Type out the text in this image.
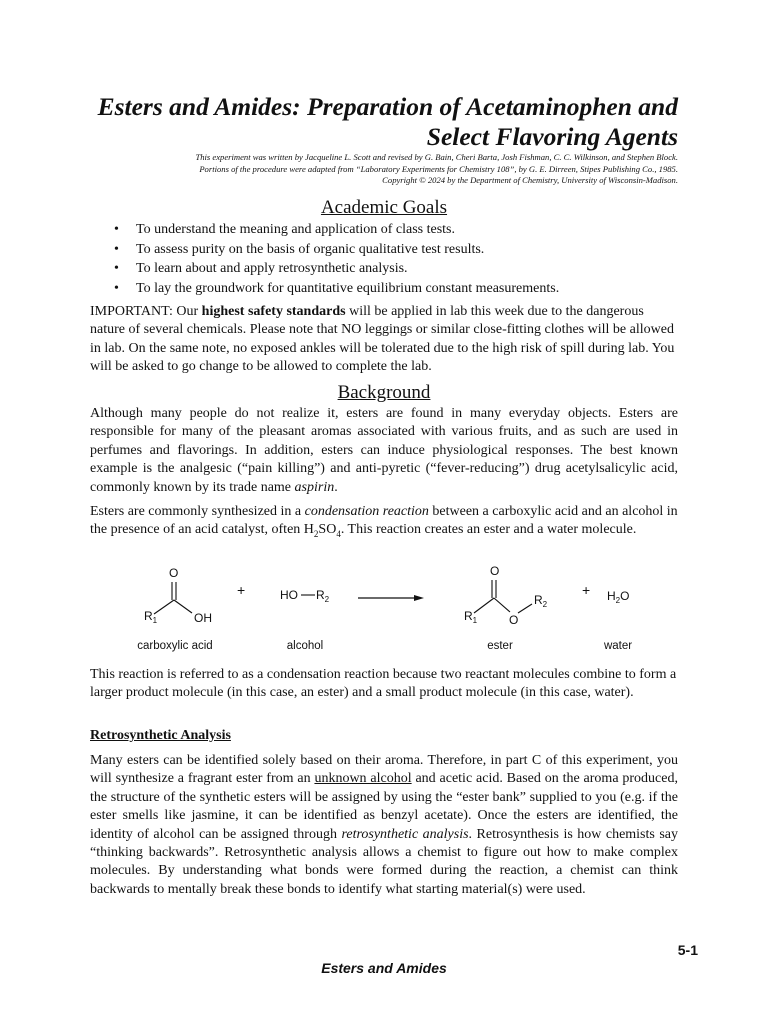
Esters and Amides: Preparation of Acetaminophen and Select Flavoring Agents
This experiment was written by Jacqueline L. Scott and revised by G. Bain, Cheri Barta, Josh Fishman, C. C. Wilkinson, and Stephen Block.
Portions of the procedure were adapted from “Laboratory Experiments for Chemistry 108”, by G. E. Dirreen, Stipes Publishing Co., 1985.
Copyright © 2024 by the Department of Chemistry, University of Wisconsin-Madison.
Academic Goals
• To understand the meaning and application of class tests.
• To assess purity on the basis of organic qualitative test results.
• To learn about and apply retrosynthetic analysis.
• To lay the groundwork for quantitative equilibrium constant measurements.

IMPORTANT: Our highest safety standards will be applied in lab this week due to the dangerous nature of several chemicals. Please note that NO leggings or similar close-fitting clothes will be allowed in lab. On the same note, no exposed ankles will be tolerated due to the high risk of spill during lab. You will be asked to go change to be allowed to complete the lab.

Background

Although many people do not realize it, esters are found in many everyday objects. Esters are responsible for many of the pleasant aromas associated with various fruits, and as such are used in perfumes and flavorings. In addition, esters can induce physiological responses. The best known example is the analgesic (“pain killing”) and anti-pyretic (“fever-reducing”) drug acetylsalicylic acid, commonly known by its trade name aspirin.

Esters are commonly synthesized in a condensation reaction between a carboxylic acid and an alcohol in the presence of an acid catalyst, often $H_2SO_4$. This reaction creates an ester and a water molecule.

O
$R_1$	OH
+	HO $R_2$
O
$R_1$	O
$R_2$
+ $H_2O$
carboxylic acid	alcohol	ester	water

This reaction is referred to as a condensation reaction because two reactant molecules combine to form a larger product molecule (in this case, an ester) and a small product molecule (in this case, water).

Retrosynthetic Analysis

Many esters can be identified solely based on their aroma. Therefore, in part C of this experiment, you will synthesize a fragrant ester from an unknown alcohol and acetic acid. Based on the aroma produced, the structure of the synthetic esters will be assigned by using the “ester bank” supplied to you (e.g. if the ester smells like jasmine, it can be identified as benzyl acetate). Once the esters are identified, the identity of alcohol can be assigned through retrosynthetic analysis. Retrosynthesis is how chemists say “thinking backwards”. Retrosynthetic analysis allows a chemist to figure out how to make complex molecules. By understanding what bonds were formed during the reaction, a chemist can think backwards to mentally break these bonds to identify what starting material(s) were used.

5-1
Esters and Amides
